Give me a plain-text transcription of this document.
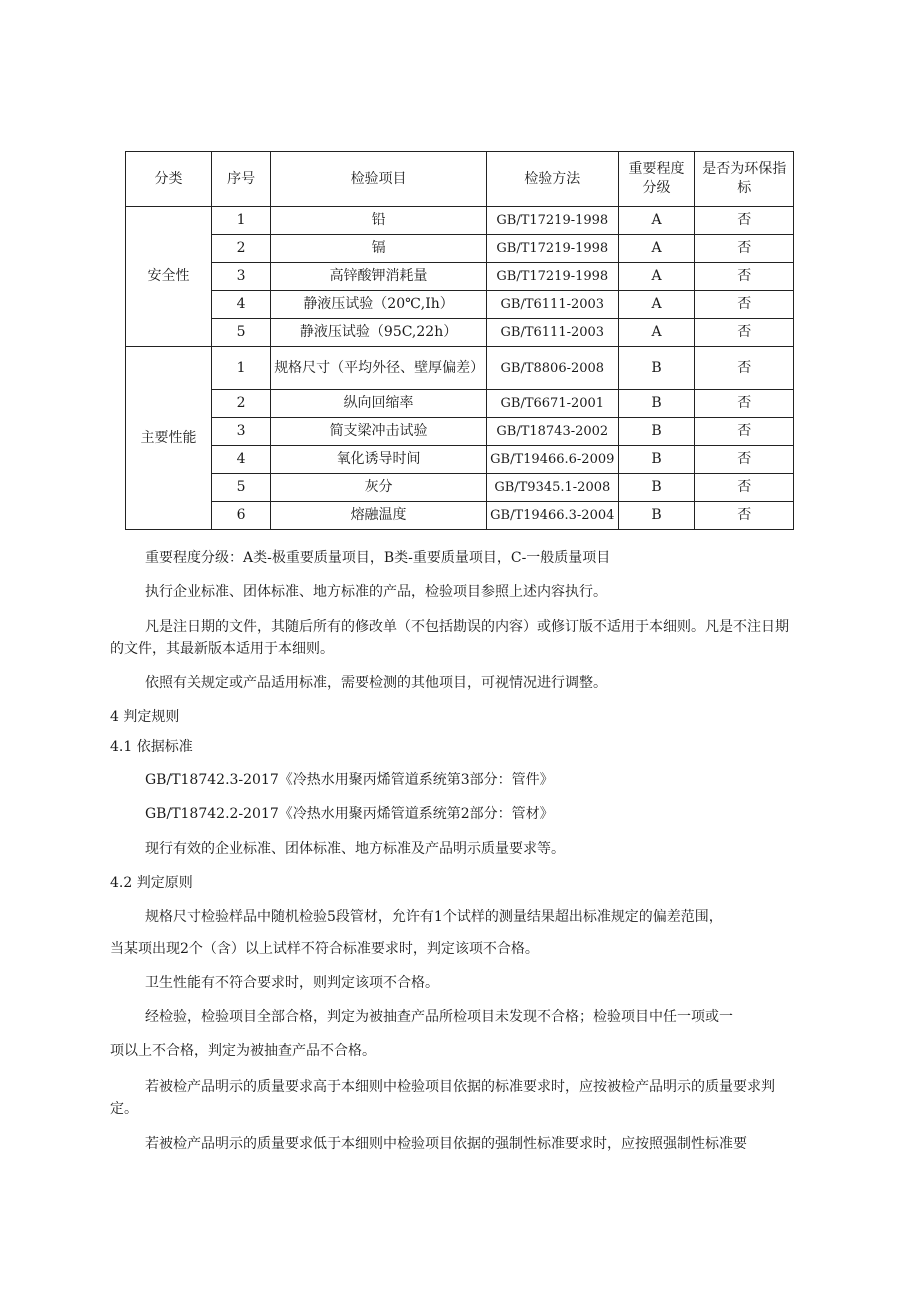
分类	序号	检验项目	检验方法	重要程度分级	是否为环保指标
安全性	1	铅	GB/T17219-1998	A	否
	2	镉	GB/T17219-1998	A	否
	3	高锌酸钾消耗量	GB/T17219-1998	A	否
	4	静液压试验（20℃,Ih）	GB/T6111-2003	A	否
	5	静液压试验（95C,22h）	GB/T6111-2003	A	否
主要性能	1	规格尺寸（平均外径、壁厚偏差）	GB/T8806-2008	B	否
	2	纵向回缩率	GB/T6671-2001	B	否
	3	简支梁冲击试验	GB/T18743-2002	B	否
	4	氧化诱导时间	GB/T19466.6-2009	B	否
	5	灰分	GB/T9345.1-2008	B	否
	6	熔融温度	GB/T19466.3-2004	B	否

重要程度分级：A类-极重要质量项目，B类-重要质量项目，C-一般质量项目

执行企业标准、团体标准、地方标准的产品，检验项目参照上述内容执行。

凡是注日期的文件，其随后所有的修改单（不包括勘误的内容）或修订版不适用于本细则。凡是不注日期的文件，其最新版本适用于本细则。

依照有关规定或产品适用标准，需要检测的其他项目，可视情况进行调整。

4 判定规则

4.1 依据标准

GB/T18742.3-2017《冷热水用聚丙烯管道系统第3部分：管件》

GB/T18742.2-2017《冷热水用聚丙烯管道系统第2部分：管材》

现行有效的企业标准、团体标准、地方标准及产品明示质量要求等。

4.2 判定原则

规格尺寸检验样品中随机检验5段管材，允许有1个试样的测量结果超出标准规定的偏差范围，

当某项出现2个（含）以上试样不符合标准要求时，判定该项不合格。

卫生性能有不符合要求时，则判定该项不合格。

经检验，检验项目全部合格，判定为被抽查产品所检项目未发现不合格；检验项目中任一项或一

项以上不合格，判定为被抽查产品不合格。

若被检产品明示的质量要求高于本细则中检验项目依据的标准要求时，应按被检产品明示的质量要求判定。

若被检产品明示的质量要求低于本细则中检验项目依据的强制性标准要求时，应按照强制性标准要
